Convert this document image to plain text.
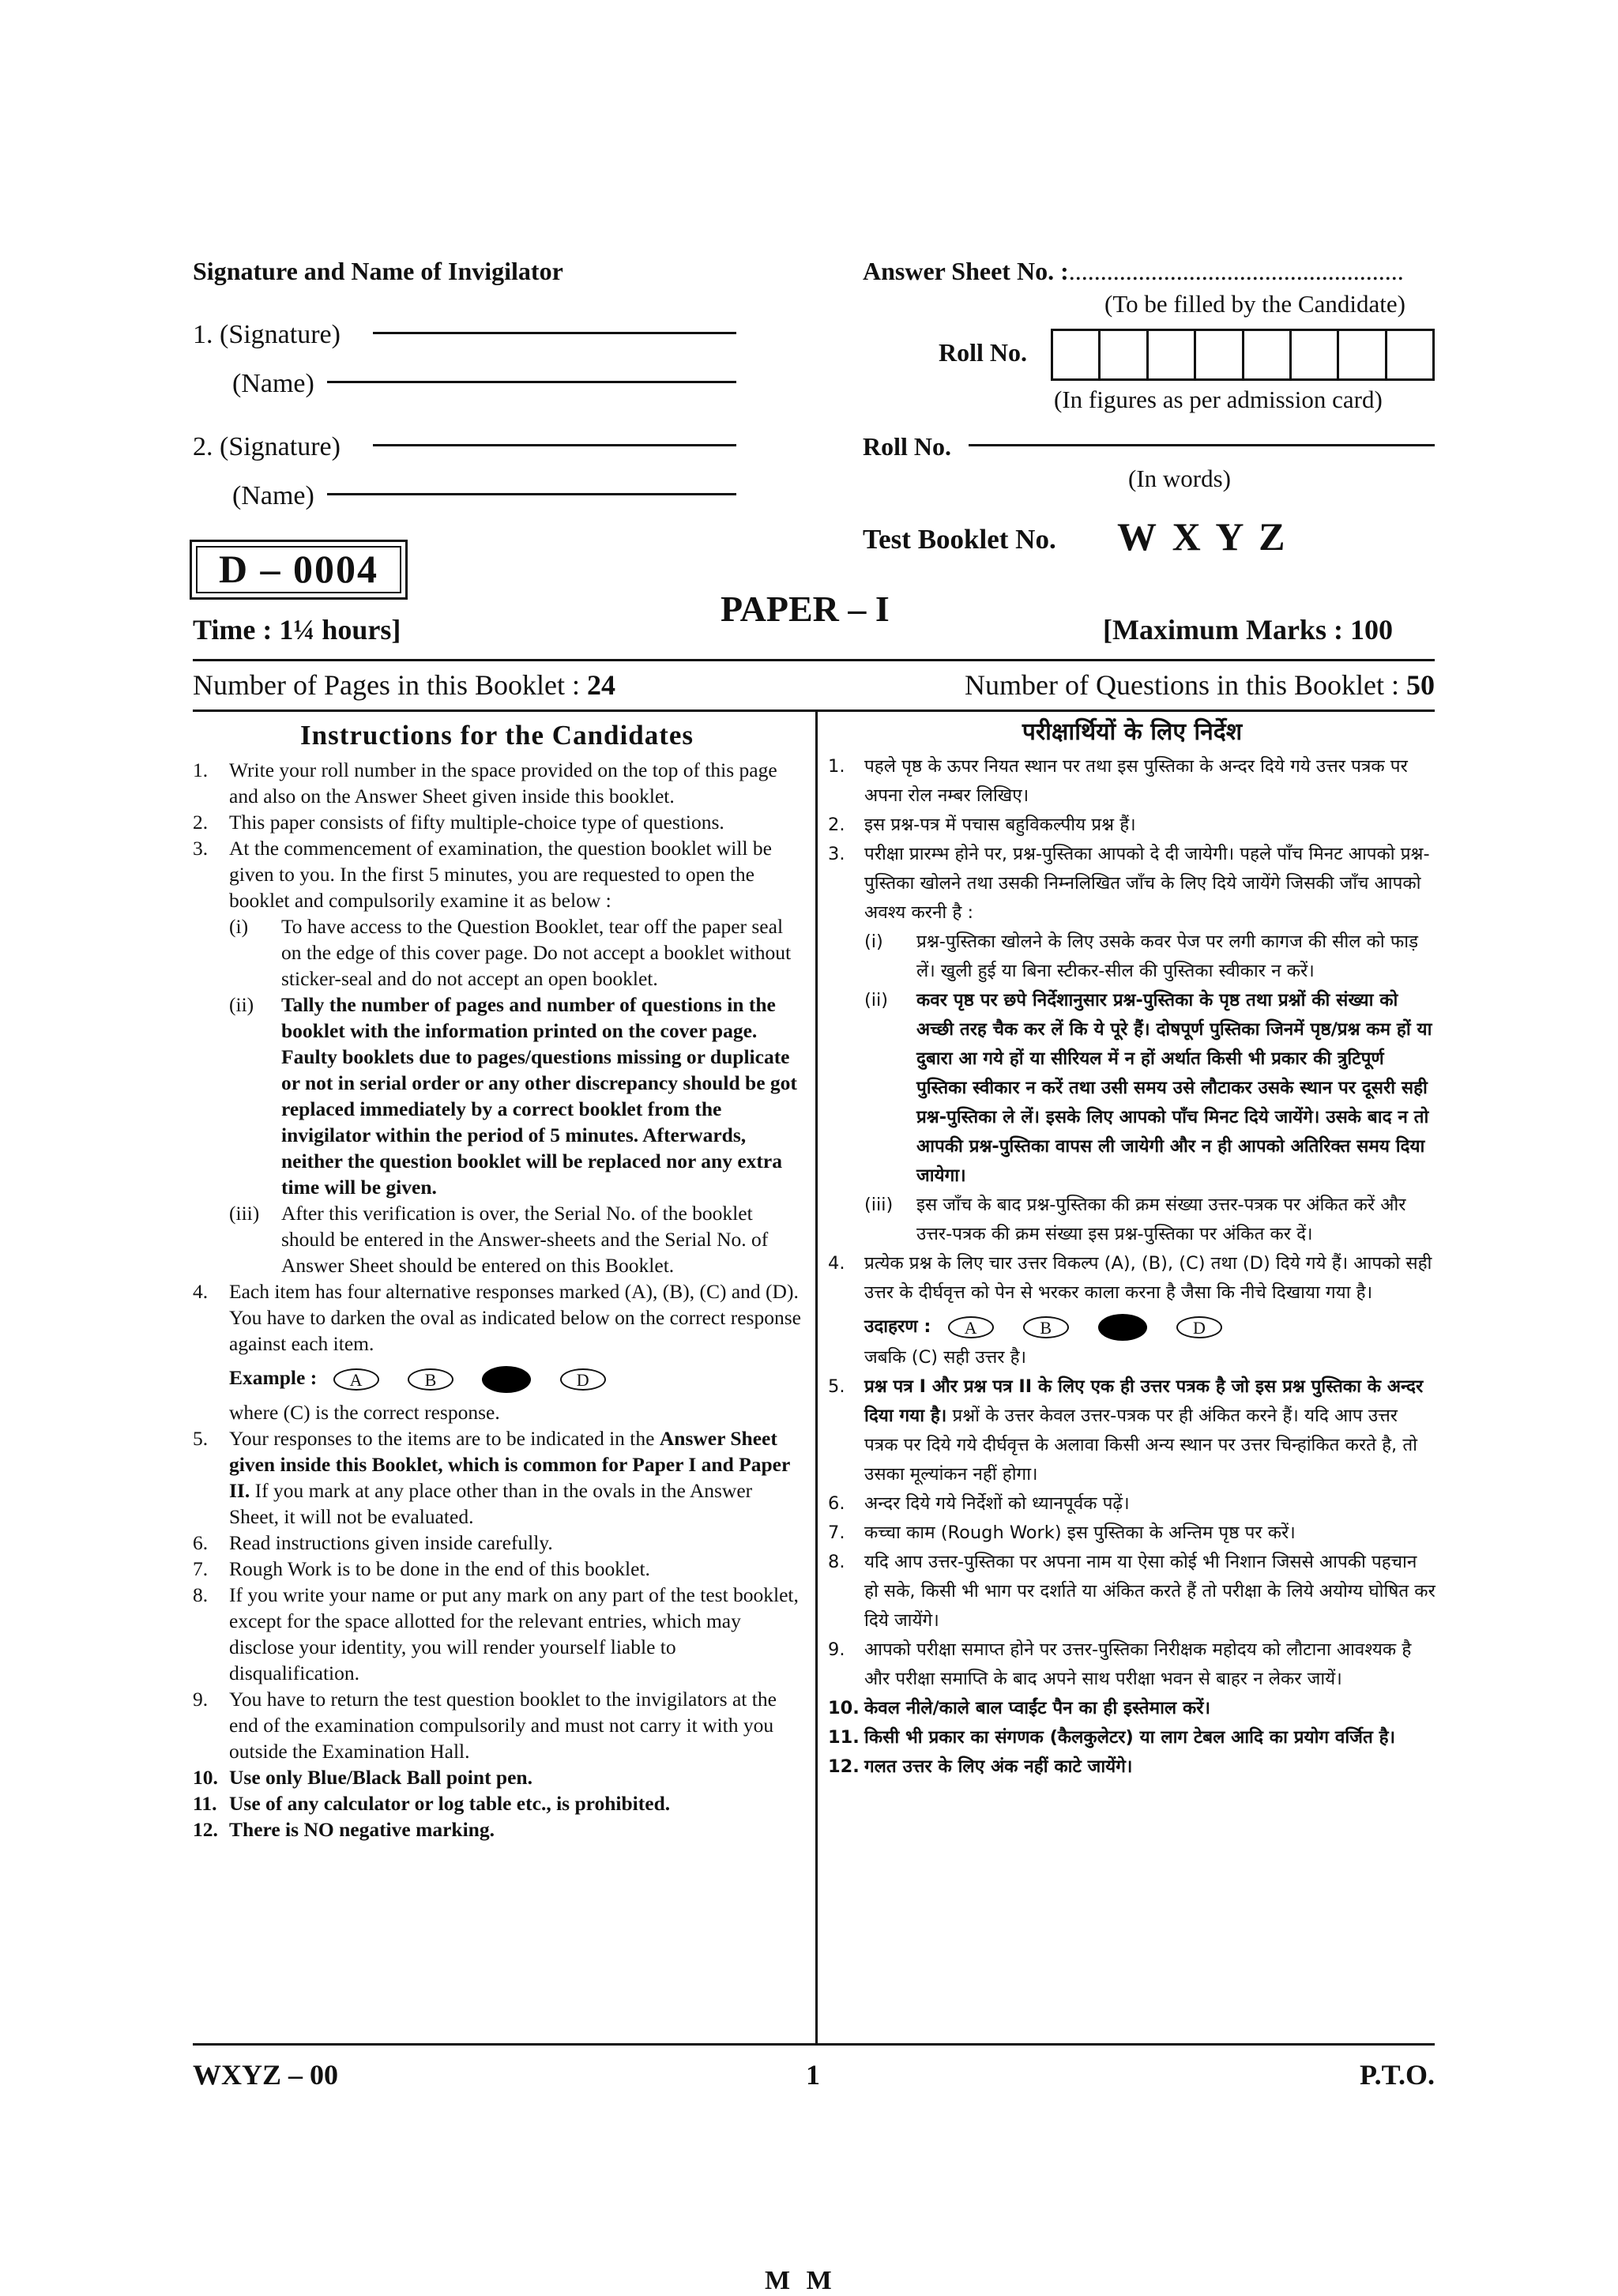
Signature and Name of Invigilator
1. (Signature)
(Name)
2. (Signature)
(Name)
D – 0004
Answer Sheet No. :.....................................................
(To be filled by the Candidate)
Roll No.
(In figures as per admission card)
Roll No.
(In words)
Test Booklet No. W X Y Z
PAPER – I
Time : 1¼ hours]	[Maximum Marks : 100
Number of Pages in this Booklet : 24	Number of Questions in this Booklet : 50
Instructions for the Candidates
1. Write your roll number in the space provided on the top of this page and also on the Answer Sheet given inside this booklet.
2. This paper consists of fifty multiple-choice type of questions.
3. At the commencement of examination, the question booklet will be given to you. In the first 5 minutes, you are requested to open the booklet and compulsorily examine it as below :
(i) To have access to the Question Booklet, tear off the paper seal on the edge of this cover page. Do not accept a booklet without sticker-seal and do not accept an open booklet.
(ii) Tally the number of pages and number of questions in the booklet with the information printed on the cover page. Faulty booklets due to pages/questions missing or duplicate or not in serial order or any other discrepancy should be got replaced immediately by a correct booklet from the invigilator within the period of 5 minutes. Afterwards, neither the question booklet will be replaced nor any extra time will be given.
(iii) After this verification is over, the Serial No. of the booklet should be entered in the Answer-sheets and the Serial No. of Answer Sheet should be entered on this Booklet.
4. Each item has four alternative responses marked (A), (B), (C) and (D). You have to darken the oval as indicated below on the correct response against each item.
Example : A	B	D
where (C) is the correct response.
5. Your responses to the items are to be indicated in the Answer Sheet given inside this Booklet, which is common for Paper I and Paper II. If you mark at any place other than in the ovals in the Answer Sheet, it will not be evaluated.
6. Read instructions given inside carefully.
7. Rough Work is to be done in the end of this booklet.
8. If you write your name or put any mark on any part of the test booklet, except for the space allotted for the relevant entries, which may disclose your identity, you will render yourself liable to disqualification.
9. You have to return the test question booklet to the invigilators at the end of the examination compulsorily and must not carry it with you outside the Examination Hall.
10. Use only Blue/Black Ball point pen.
11. Use of any calculator or log table etc., is prohibited.
12. There is NO negative marking.
परीक्षार्थियों के लिए निर्देश
1. पहले पृष्ठ के ऊपर नियत स्थान पर तथा इस पुस्तिका के अन्दर दिये गये उत्तर पत्रक पर अपना रोल नम्बर लिखिए।
2. इस प्रश्न-पत्र में पचास बहुविकल्पीय प्रश्न हैं।
3. परीक्षा प्रारम्भ होने पर, प्रश्न-पुस्तिका आपको दे दी जायेगी। पहले पाँच मिनट आपको प्रश्न-पुस्तिका खोलने तथा उसकी निम्नलिखित जाँच के लिए दिये जायेंगे जिसकी जाँच आपको अवश्य करनी है :
(i) प्रश्न-पुस्तिका खोलने के लिए उसके कवर पेज पर लगी कागज की सील को फाड़ लें। खुली हुई या बिना स्टीकर-सील की पुस्तिका स्वीकार न करें।
(ii) कवर पृष्ठ पर छपे निर्देशानुसार प्रश्न-पुस्तिका के पृष्ठ तथा प्रश्नों की संख्या को अच्छी तरह चैक कर लें कि ये पूरे हैं। दोषपूर्ण पुस्तिका जिनमें पृष्ठ/प्रश्न कम हों या दुबारा आ गये हों या सीरियल में न हों अर्थात किसी भी प्रकार की त्रुटिपूर्ण पुस्तिका स्वीकार न करें तथा उसी समय उसे लौटाकर उसके स्थान पर दूसरी सही प्रश्न-पुस्तिका ले लें। इसके लिए आपको पाँच मिनट दिये जायेंगे। उसके बाद न तो आपकी प्रश्न-पुस्तिका वापस ली जायेगी और न ही आपको अतिरिक्त समय दिया जायेगा।
(iii) इस जाँच के बाद प्रश्न-पुस्तिका की क्रम संख्या उत्तर-पत्रक पर अंकित करें और उत्तर-पत्रक की क्रम संख्या इस प्रश्न-पुस्तिका पर अंकित कर दें।
4. प्रत्येक प्रश्न के लिए चार उत्तर विकल्प (A), (B), (C) तथा (D) दिये गये हैं। आपको सही उत्तर के दीर्घवृत्त को पेन से भरकर काला करना है जैसा कि नीचे दिखाया गया है।
उदाहरण : A	B	D
जबकि (C) सही उत्तर है।
5. प्रश्न पत्र I और प्रश्न पत्र II के लिए एक ही उत्तर पत्रक है जो इस प्रश्न पुस्तिका के अन्दर दिया गया है। प्रश्नों के उत्तर केवल उत्तर-पत्रक पर ही अंकित करने हैं। यदि आप उत्तर पत्रक पर दिये गये दीर्घवृत्त के अलावा किसी अन्य स्थान पर उत्तर चिन्हांकित करते है, तो उसका मूल्यांकन नहीं होगा।
6. अन्दर दिये गये निर्देशों को ध्यानपूर्वक पढ़ें।
7. कच्चा काम (Rough Work) इस पुस्तिका के अन्तिम पृष्ठ पर करें।
8. यदि आप उत्तर-पुस्तिका पर अपना नाम या ऐसा कोई भी निशान जिससे आपकी पहचान हो सके, किसी भी भाग पर दर्शाते या अंकित करते हैं तो परीक्षा के लिये अयोग्य घोषित कर दिये जायेंगे।
9. आपको परीक्षा समाप्त होने पर उत्तर-पुस्तिका निरीक्षक महोदय को लौटाना आवश्यक है और परीक्षा समाप्ति के बाद अपने साथ परीक्षा भवन से बाहर न लेकर जायें।
10. केवल नीले/काले बाल प्वाईंट पैन का ही इस्तेमाल करें।
11. किसी भी प्रकार का संगणक (कैलकुलेटर) या लाग टेबल आदि का प्रयोग वर्जित है।
12. गलत उत्तर के लिए अंक नहीं काटे जायेंगे।
WXYZ – 00	1	P.T.O.
M M
